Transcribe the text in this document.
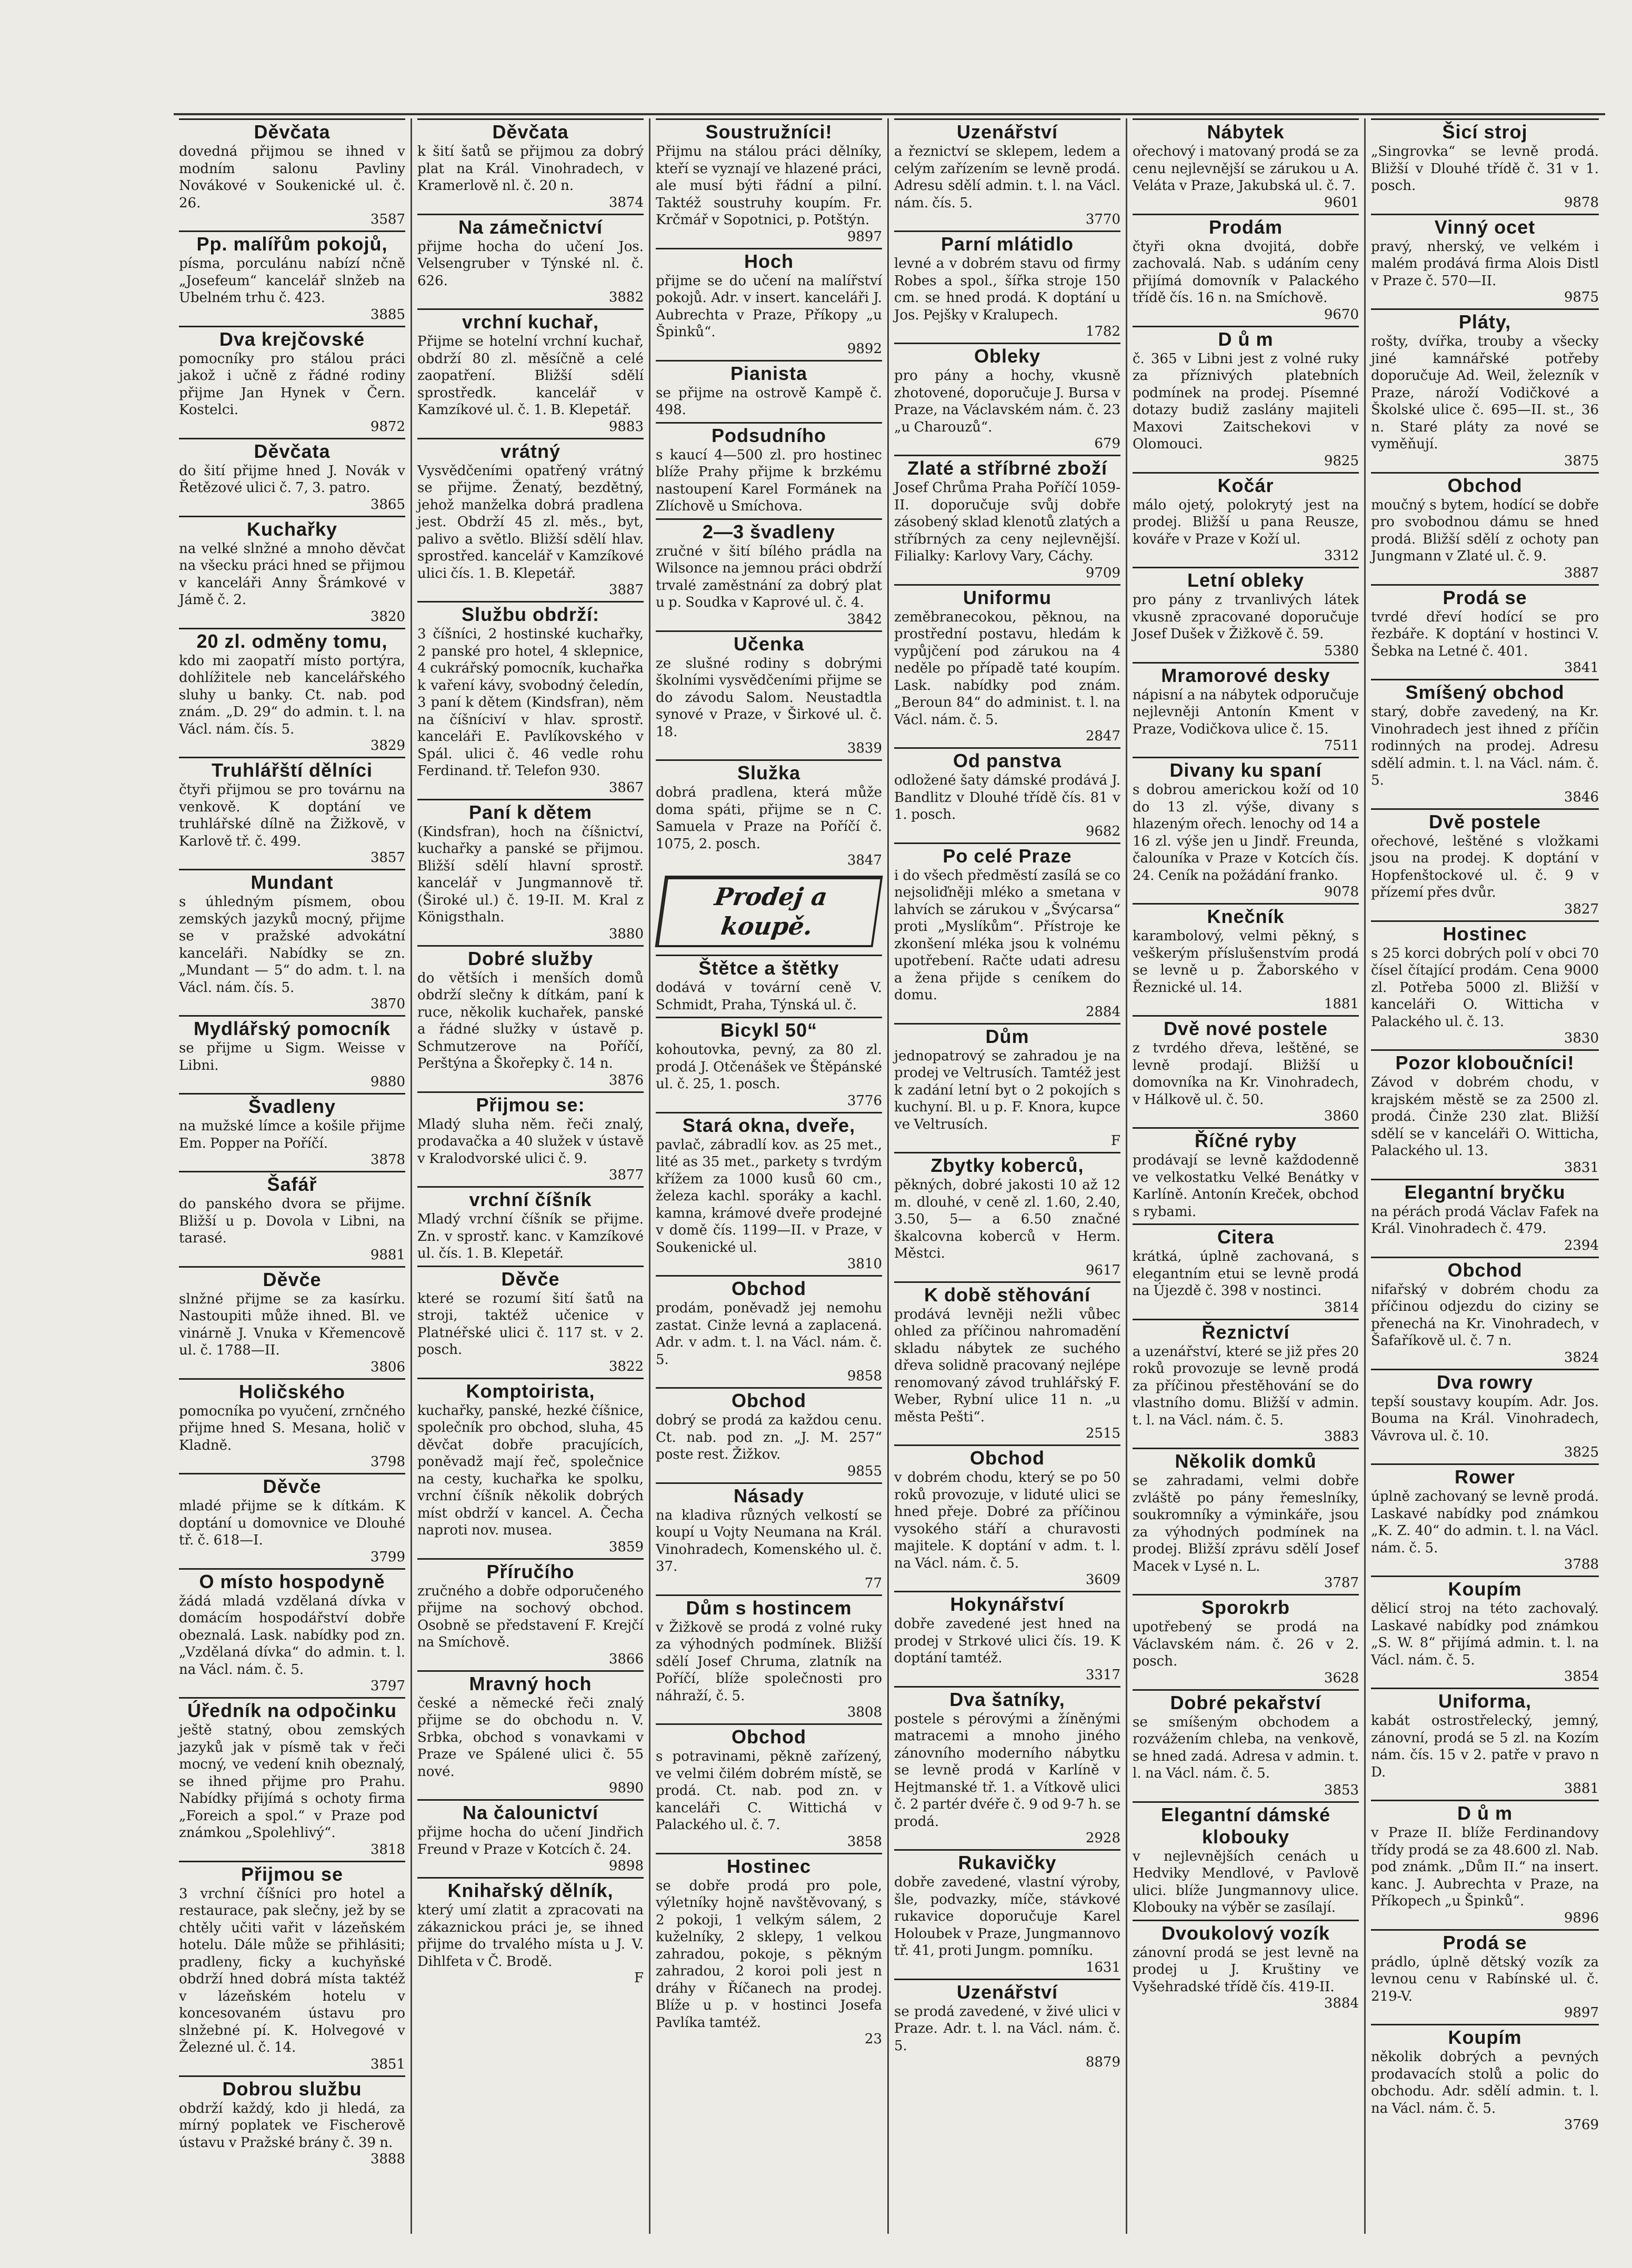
Děvčata
dovedná přijmou se ihned v modním salonu Pavliny Novákové v Soukenické ul. č. 26.
3587
Pp. malířům pokojů,
písma, porculánu nabízí nčně „Josefeum“ kancelář slnžeb na Ubelném trhu č. 423.
3885
Dva krejčovské
pomocníky pro stálou práci jakož i učně z řádné rodiny přijme Jan Hynek v Čern. Kostelci.
9872
Děvčata
do šití přijme hned J. Novák v Řetězové ulici č. 7, 3. patro.
3865
Kuchařky
na velké slnžné a mnoho děvčat na všecku práci hned se přijmou v kanceláři Anny Šrámkové v Jámě č. 2.
3820
20 zl. odměny tomu,
kdo mi zaopatří místo portýra, dohlížitele neb kancelářského sluhy u banky. Ct. nab. pod znám. „D. 29“ do admin. t. l. na Václ. nám. čís. 5.
3829
Truhlářští dělníci
čtyři přijmou se pro továrnu na venkově. K doptání ve truhlářské dílně na Žižkově, v Karlově tř. č. 499.
3857
Mundant
s úhledným písmem, obou zemských jazyků mocný, přijme se v pražské advokátní kanceláři. Nabídky se zn. „Mundant — 5“ do adm. t. l. na Václ. nám. čís. 5.
3870
Mydlářský pomocník
se přijme u Sigm. Weisse v Libni.
9880
Švadleny
na mužské límce a košile přijme Em. Popper na Poříčí.
3878
Šafář
do panského dvora se přijme. Bližší u p. Dovola v Libni, na tarasé.
9881
Děvče
slnžné přijme se za kasírku. Nastoupiti může ihned. Bl. ve vinárně J. Vnuka v Křemencově ul. č. 1788—II.
3806
Holičského
pomocníka po vyučení, zrnčného přijme hned S. Mesana, holič v Kladně.
3798
Děvče
mladé přijme se k dítkám. K doptání u domovnice ve Dlouhé tř. č. 618—I.
3799
O místo hospodyně
žádá mladá vzdělaná dívka v domácím hospodářství dobře obeznalá. Lask. nabídky pod zn. „Vzdělaná dívka“ do admin. t. l. na Václ. nám. č. 5.
3797
Úředník na odpočinku
ještě statný, obou zemských jazyků jak v písmě tak v řeči mocný, ve vedení knih obeznalý, se ihned přijme pro Prahu. Nabídky přijímá s ochoty firma „Foreich a spol.“ v Praze pod známkou „Spolehlivý“.
3818
Přijmou se
3 vrchní číšníci pro hotel a restaurace, pak slečny, jež by se chtěly učiti vařit v lázeňském hotelu. Dále může se přihlásiti; pradleny, ficky a kuchyňské obdrží hned dobrá místa taktéž v lázeňském hotelu v koncesovaném ústavu pro slnžebné pí. K. Holvegové v Železné ul. č. 14.
3851
Dobrou službu
obdrží každý, kdo ji hledá, za mírný poplatek ve Fischerově ústavu v Pražské brány č. 39 n.
3888
Děvčata
k šití šatů se přijmou za dobrý plat na Král. Vinohradech, v Kramerlově nl. č. 20 n.
3874
Na zámečnictví
přijme hocha do učení Jos. Velsengruber v Týnské nl. č. 626.
3882
vrchní kuchař,
Přijme se hotelní vrchní kuchař, obdrží 80 zl. měsíčně a celé zaopatření. Bližší sdělí sprostředk. kancelář v Kamzíkové ul. č. 1. B. Klepetář.
9883
vrátný
Vysvědčeními opatřený vrátný se přijme. Ženatý, bezdětný, jehož manželka dobrá pradlena jest. Obdrží 45 zl. měs., byt, palivo a světlo. Bližší sdělí hlav. sprostřed. kancelář v Kamzíkové ulici čís. 1. B. Klepetář.
3887
Službu obdrží:
3 číšníci, 2 hostinské kuchařky, 2 panské pro hotel, 4 sklepnice, 4 cukrářský pomocník, kuchařka k vaření kávy, svobodný čeledín, 3 paní k dětem (Kindsfran), něm na číšníciví v hlav. sprostř. kanceláři E. Pavlíkovského v Spál. ulici č. 46 vedle rohu Ferdinand. tř. Telefon 930.
3867
Paní k dětem
(Kindsfran), hoch na číšnictví, kuchařky a panské se přijmou. Bližší sdělí hlavní sprostř. kancelář v Jungmannově tř. (Široké ul.) č. 19-II. M. Kral z Königsthaln.
3880
Dobré služby
do větších i menších domů obdrží slečny k dítkám, paní k ruce, několik kuchařek, panské a řádné služky v ústavě p. Schmutzerove na Poříčí, Perštýna a Škořepky č. 14 n.
3876
Přijmou se:
Mladý sluha něm. řeči znalý, prodavačka a 40 služek v ústavě v Kralodvorské ulici č. 9.
3877
vrchní číšník
Mladý vrchní číšník se přijme. Zn. v sprostř. kanc. v Kamzíkové ul. čís. 1. B. Klepetář.
Děvče
které se rozumí šití šatů na stroji, taktéž učenice v Platnéřské ulici č. 117 st. v 2. posch.
3822
Komptoirista,
kuchařky, panské, hezké číšnice, společník pro obchod, sluha, 45 děvčat dobře pracujících, poněvadž mají řeč, společnice na cesty, kuchařka ke spolku, vrchní číšník několik dobrých míst obdrží v kancel. A. Čecha naproti nov. musea.
3859
Příručího
zručného a dobře odporučeného přijme na sochový obchod. Osobně se představení F. Krejčí na Smíchově.
3866
Mravný hoch
české a německé řeči znalý přijme se do obchodu n. V. Srbka, obchod s vonavkami v Praze ve Spálené ulici č. 55 nové.
9890
Na čalounictví
přijme hocha do učení Jindřich Freund v Praze v Kotcích č. 24.
9898
Knihařský dělník,
který umí zlatit a zpracovati na zákaznickou práci je, se ihned přijme do trvalého místa u J. V. Dihlfeta v Č. Brodě.
F
Soustružníci!
Přijmu na stálou práci dělníky, kteří se vyznají ve hlazené práci, ale musí býti řádní a pilní. Taktéž soustruhy koupím. Fr. Krčmář v Sopotnici, p. Potštýn.
9897
Hoch
přijme se do učení na malířství pokojů. Adr. v insert. kanceláři J. Aubrechta v Praze, Příkopy „u Špinků“.
9892
Pianista
se přijme na ostrově Kampě č. 498.
Podsudního
s kaucí 4—500 zl. pro hostinec blíže Prahy přijme k brzkému nastoupení Karel Formánek na Zlíchově u Smíchova.
2—3 švadleny
zručné v šití bílého prádla na Wilsonce na jemnou práci obdrží trvalé zaměstnání za dobrý plat u p. Soudka v Kaprové ul. č. 4.
3842
Učenka
ze slušné rodiny s dobrými školními vysvědčeními přijme se do závodu Salom. Neustadtla synové v Praze, v Širkové ul. č. 18.
3839
Služka
dobrá pradlena, která může doma spáti, přijme se n C. Samuela v Praze na Poříčí č. 1075, 2. posch.
3847
Prodej a koupě.
Štětce a štětky
dodává v tovární ceně V. Schmidt, Praha, Týnská ul. č.
Bicykl 50“
kohoutovka, pevný, za 80 zl. prodá J. Otčenášek ve Štěpánské ul. č. 25, 1. posch.
3776
Stará okna, dveře,
pavlač, zábradlí kov. as 25 met., lité as 35 met., parkety s tvrdým křížem za 1000 kusů 60 cm., železa kachl. sporáky a kachl. kamna, krámové dveře prodejné v domě čís. 1199—II. v Praze, v Soukenické ul.
3810
Obchod
prodám, poněvadž jej nemohu zastat. Cinže levná a zaplacená. Adr. v adm. t. l. na Václ. nám. č. 5.
9858
Obchod
dobrý se prodá za každou cenu. Ct. nab. pod zn. „J. M. 257“ poste rest. Žižkov.
9855
Násady
na kladiva různých velkostí se koupí u Vojty Neumana na Král. Vinohradech, Komenského ul. č. 37.
77
Dům s hostincem
v Žižkově se prodá z volné ruky za výhodných podmínek. Bližší sdělí Josef Chruma, zlatník na Poříčí, blíže společnosti pro náhraží, č. 5.
3808
Obchod
s potravinami, pěkně zařízený, ve velmi čilém dobrém místě, se prodá. Ct. nab. pod zn. v kanceláři C. Wittichá v Palackého ul. č. 7.
3858
Hostinec
se dobře prodá pro pole, výletníky hojně navštěvovaný, s 2 pokoji, 1 velkým sálem, 2 kuželníky, 2 sklepy, 1 velkou zahradou, pokoje, s pěkným zahradou, 2 koroi poli jest n dráhy v Říčanech na prodej. Blíže u p. v hostinci Josefa Pavlíka tamtéž.
23
Uzenářství
a řeznictví se sklepem, ledem a celým zařízením se levně prodá. Adresu sdělí admin. t. l. na Václ. nám. čís. 5.
3770
Parní mlátidlo
levné a v dobrém stavu od firmy Robes a spol., šířka stroje 150 cm. se hned prodá. K doptání u Jos. Pejšky v Kralupech.
1782
Obleky
pro pány a hochy, vkusně zhotovené, doporučuje J. Bursa v Praze, na Václavském nám. č. 23 „u Charouzů“.
679
Zlaté a stříbrné zboží
Josef Chrůma Praha Poříčí 1059-II. doporučuje svůj dobře zásobený sklad klenotů zlatých a stříbrných za ceny nejlevnější. Filialky: Karlovy Vary, Cáchy.
9709
Uniformu
zeměbranecokou, pěknou, na prostřední postavu, hledám k vypůjčení pod zárukou na 4 neděle po případě taté koupím. Lask. nabídky pod znám. „Beroun 84“ do administ. t. l. na Václ. nám. č. 5.
2847
Od panstva
odložené šaty dámské prodává J. Bandlitz v Dlouhé třídě čís. 81 v 1. posch.
9682
Po celé Praze
i do všech předměstí zasílá se co nejsoliďněji mléko a smetana v lahvích se zárukou v „Švýcarsa“ proti „Myslíkům“. Přístroje ke zkonšení mléka jsou k volnému upotřebení. Račte udati adresu a žena přijde s ceníkem do domu.
2884
Dům
jednopatrový se zahradou je na prodej ve Veltrusích. Tamtéž jest k zadání letní byt o 2 pokojích s kuchyní. Bl. u p. F. Knora, kupce ve Veltrusích.
F
Zbytky koberců,
pěkných, dobré jakosti 10 až 12 m. dlouhé, v ceně zl. 1.60, 2.40, 3.50, 5— a 6.50 značné škalcovna koberců v Herm. Městci.
9617
K době stěhování
prodává levněji nežli vůbec ohled za příčinou nahromadění skladu nábytek ze suchého dřeva solidně pracovaný nejlépe renomovaný závod truhlářský F. Weber, Rybní ulice 11 n. „u města Pešti“.
2515
Obchod
v dobrém chodu, který se po 50 roků provozuje, v liduté ulici se hned přeje. Dobré za příčinou vysokého stáří a churavosti majitele. K doptání v adm. t. l. na Václ. nám. č. 5.
3609
Hokynářství
dobře zavedené jest hned na prodej v Strkové ulici čís. 19. K doptání tamtéž.
3317
Dva šatníky,
postele s pérovými a žíněnými matracemi a mnoho jiného zánovního moderního nábytku se levně prodá v Karlíně v Hejtmanské tř. 1. a Vítkově ulici č. 2 partér dvéře č. 9 od 9-7 h. se prodá.
2928
Rukavičky
dobře zavedené, vlastní výroby, šle, podvazky, míče, stávkové rukavice doporučuje Karel Holoubek v Praze, Jungmannovo tř. 41, proti Jungm. pomníku.
1631
Uzenářství
se prodá zavedené, v živé ulici v Praze. Adr. t. l. na Václ. nám. č. 5.
8879
Nábytek
ořechový i matovaný prodá se za cenu nejlevnější se zárukou u A. Veláta v Praze, Jakubská ul. č. 7.
9601
Prodám
čtyři okna dvojitá, dobře zachovalá. Nab. s udáním ceny přijímá domovník v Palackého třídě čís. 16 n. na Smíchově.
9670
D ů m
č. 365 v Libni jest z volné ruky za příznivých platebních podmínek na prodej. Písemné dotazy budiž zaslány majiteli Maxovi Zaitschekovi v Olomouci.
9825
Kočár
málo ojetý, polokrytý jest na prodej. Bližší u pana Reusze, kováře v Praze v Koží ul.
3312
Letní obleky
pro pány z trvanlivých látek vkusně zpracované doporučuje Josef Dušek v Žižkově č. 59.
5380
Mramorové desky
nápisní a na nábytek odporučuje nejlevněji Antonín Kment v Praze, Vodičkova ulice č. 15.
7511
Divany ku spaní
s dobrou americkou koží od 10 do 13 zl. výše, divany s hlazeným ořech. lenochy od 14 a 16 zl. výše jen u Jindř. Freunda, čalouníka v Praze v Kotcích čís. 24. Ceník na požádání franko.
9078
Knečník
karambolový, velmi pěkný, s veškerým příslušenstvím prodá se levně u p. Žaborského v Řeznické ul. 14.
1881
Dvě nové postele
z tvrdého dřeva, leštěné, se levně prodají. Bližší u domovníka na Kr. Vinohradech, v Hálkově ul. č. 50.
3860
Říčné ryby
prodávají se levně každodenně ve velkostatku Velké Benátky v Karlíně. Antonín Kreček, obchod s rybami.
Citera
krátká, úplně zachovaná, s elegantním etui se levně prodá na Újezdě č. 398 v nostinci.
3814
Řeznictví
a uzenářství, které se již přes 20 roků provozuje se levně prodá za příčinou přestěhování se do vlastního domu. Bližší v admin. t. l. na Václ. nám. č. 5.
3883
Několik domků
se zahradami, velmi dobře zvláště po pány řemeslníky, soukromníky a výminkáře, jsou za výhodných podmínek na prodej. Bližší zprávu sdělí Josef Macek v Lysé n. L.
3787
Sporokrb
upotřebený se prodá na Václavském nám. č. 26 v 2. posch.
3628
Dobré pekařství
se smíšeným obchodem a rozvážením chleba, na venkově, se hned zadá. Adresa v admin. t. l. na Václ. nám. č. 5.
3853
Elegantní dámské klobouky
v nejlevnějších cenách u Hedviky Mendlové, v Pavlově ulici. blíže Jungmannovy ulice. Klobouky na výběr se zasílají.
Dvoukolový vozík
zánovní prodá se jest levně na prodej u J. Kruštiny ve Vyšehradské třídě čís. 419-II.
3884
Šicí stroj
„Singrovka“ se levně prodá. Bližší v Dlouhé třídě č. 31 v 1. posch.
9878
Vinný ocet
pravý, nherský, ve velkém i malém prodává firma Alois Distl v Praze č. 570—II.
9875
Pláty,
rošty, dvířka, trouby a všecky jiné kamnářské potřeby doporučuje Ad. Weil, železník v Praze, nároží Vodičkové a Školské ulice č. 695—II. st., 36 n. Staré pláty za nové se vyměňují.
3875
Obchod
moučný s bytem, hodící se dobře pro svobodnou dámu se hned prodá. Bližší sdělí z ochoty pan Jungmann v Zlaté ul. č. 9.
3887
Prodá se
tvrdé dřeví hodící se pro řezbáře. K doptání v hostinci V. Šebka na Letné č. 401.
3841
Smíšený obchod
starý, dobře zavedený, na Kr. Vinohradech jest ihned z příčin rodinných na prodej. Adresu sdělí admin. t. l. na Václ. nám. č. 5.
3846
Dvě postele
ořechové, leštěné s vložkami jsou na prodej. K doptání v Hopfenštockové ul. č. 9 v přízemí přes dvůr.
3827
Hostinec
s 25 korci dobrých polí v obci 70 čísel čítající prodám. Cena 9000 zl. Potřeba 5000 zl. Bližší v kanceláři O. Witticha v Palackého ul. č. 13.
3830
Pozor kloboučníci!
Závod v dobrém chodu, v krajském městě se za 2500 zl. prodá. Činže 230 zlat. Bližší sdělí se v kanceláři O. Witticha, Palackého ul. 13.
3831
Elegantní bryčku
na pérách prodá Václav Fafek na Král. Vinohradech č. 479.
2394
Obchod
nifařský v dobrém chodu za příčinou odjezdu do ciziny se přenechá na Kr. Vinohradech, v Šafaříkově ul. č. 7 n.
3824
Dva rowry
tepší soustavy koupím. Adr. Jos. Bouma na Král. Vinohradech, Vávrova ul. č. 10.
3825
Rower
úplně zachovaný se levně prodá. Laskavé nabídky pod známkou „K. Z. 40“ do admin. t. l. na Václ. nám. č. 5.
3788
Koupím
dělicí stroj na této zachovalý. Laskavé nabídky pod známkou „S. W. 8“ přijímá admin. t. l. na Václ. nám. č. 5.
3854
Uniforma,
kabát ostrostřelecký, jemný, zánovní, prodá se 5 zl. na Kozím nám. čís. 15 v 2. patře v pravo n D.
3881
D ů m
v Praze II. blíže Ferdinandovy třídy prodá se za 48.600 zl. Nab. pod známk. „Dům II.“ na insert. kanc. J. Aubrechta v Praze, na Příkopech „u Špinků“.
9896
Prodá se
prádlo, úplně dětský vozík za levnou cenu v Rabínské ul. č. 219-V.
9897
Koupím
několik dobrých a pevných prodavacích stolů a polic do obchodu. Adr. sdělí admin. t. l. na Václ. nám. č. 5.
3769
